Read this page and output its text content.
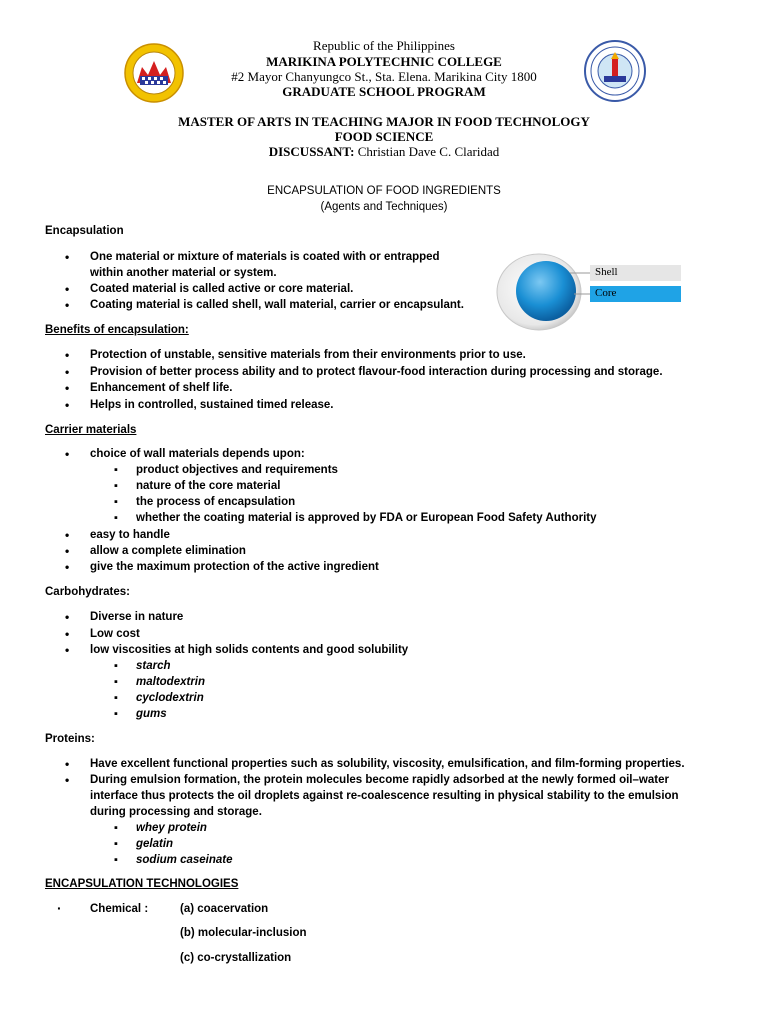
Republic of the Philippines
MARIKINA POLYTECHNIC COLLEGE
#2 Mayor Chanyungco St., Sta. Elena. Marikina City 1800
GRADUATE SCHOOL PROGRAM
MASTER OF ARTS IN TEACHING MAJOR IN FOOD TECHNOLOGY
FOOD SCIENCE
DISCUSSANT: Christian Dave C. Claridad
ENCAPSULATION OF FOOD INGREDIENTS
(Agents and Techniques)
Shell
Core
Encapsulation
• One material or mixture of materials is coated with or entrapped
within another material or system.
• Coated material is called active or core material.
• Coating material is called shell, wall material, carrier or encapsulant.
Benefits of encapsulation:
• Protection of unstable, sensitive materials from their environments prior to use.
• Provision of better process ability and to protect flavour-food interaction during processing and storage.
• Enhancement of shelf life.
• Helps in controlled, sustained timed release.
Carrier materials
• choice of wall materials depends upon:
▪ product objectives and requirements
▪ nature of the core material
▪ the process of encapsulation
▪ whether the coating material is approved by FDA or European Food Safety Authority
• easy to handle
• allow a complete elimination
• give the maximum protection of the active ingredient
Carbohydrates:
• Diverse in nature
• Low cost
• low viscosities at high solids contents and good solubility
▪ starch
▪ maltodextrin
▪ cyclodextrin
▪ gums
Proteins:
• Have excellent functional properties such as solubility, viscosity, emulsification, and film-forming properties.
• During emulsion formation, the protein molecules become rapidly adsorbed at the newly formed oil–water
interface thus protects the oil droplets against re-coalescence resulting in physical stability to the emulsion
during processing and storage.
▪ whey protein
▪ gelatin
▪ sodium caseinate
ENCAPSULATION TECHNOLOGIES
· Chemical :	(a) coacervation
(b) molecular-inclusion
(c) co-crystallization
